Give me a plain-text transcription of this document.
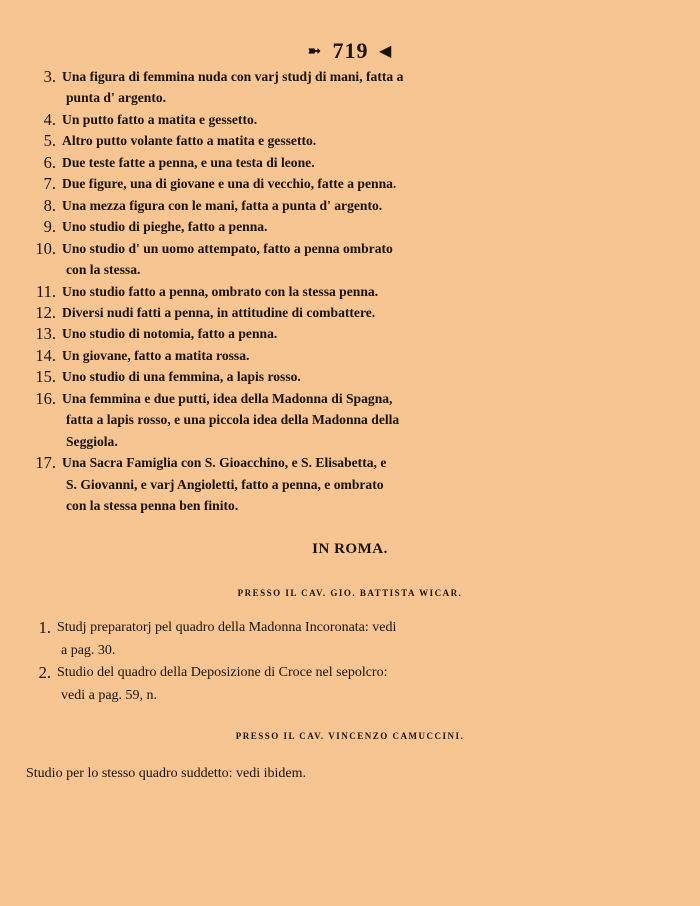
➼ 719 ◀
3. Una figura di femmina nuda con varj studj di mani, fatta a
punta d' argento.
4. Un putto fatto a matita e gessetto.
5. Altro putto volante fatto a matita e gessetto.
6. Due teste fatte a penna, e una testa di leone.
7. Due figure, una di giovane e una di vecchio, fatte a penna.
8. Una mezza figura con le mani, fatta a punta d' argento.
9. Uno studio di pieghe, fatto a penna.
10. Uno studio d' un uomo attempato, fatto a penna ombrato
con la stessa.
11. Uno studio fatto a penna, ombrato con la stessa penna.
12. Diversi nudi fatti a penna, in attitudine di combattere.
13. Uno studio di notomia, fatto a penna.
14. Un giovane, fatto a matita rossa.
15. Uno studio di una femmina, a lapis rosso.
16. Una femmina e due putti, idea della Madonna di Spagna,
fatta a lapis rosso, e una piccola idea della Madonna della
Seggiola.
17. Una Sacra Famiglia con S. Gioacchino, e S. Elisabetta, e
S. Giovanni, e varj Angioletti, fatto a penna, e ombrato
con la stessa penna ben finito.
IN ROMA.
PRESSO IL CAV. GIO. BATTISTA WICAR.
1. Studj preparatorj pel quadro della Madonna Incoronata: vedi
a pag. 30.
2. Studio del quadro della Deposizione di Croce nel sepolcro:
vedi a pag. 59, n.
PRESSO IL CAV. VINCENZO CAMUCCINI.
Studio per lo stesso quadro suddetto: vedi ibidem.
